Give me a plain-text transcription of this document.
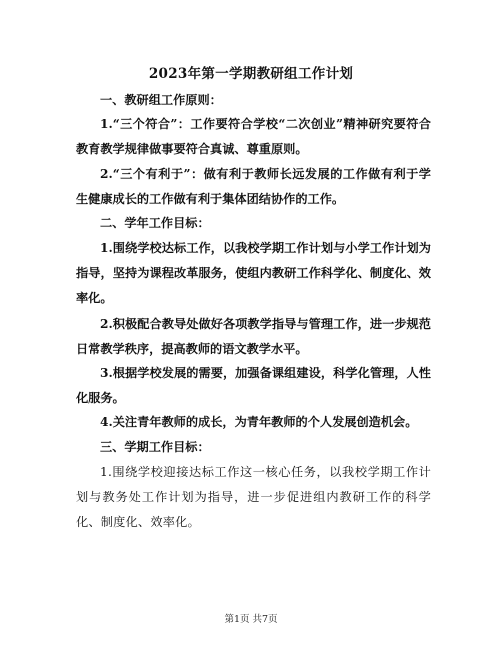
2023年第一学期教研组工作计划
一、教研组工作原则：
1.“三个符合”：工作要符合学校“二次创业”精神研究要符合教育教学规律做事要符合真诚、尊重原则。
2.“三个有利于”：做有利于教师长远发展的工作做有利于学生健康成长的工作做有利于集体团结协作的工作。
二、学年工作目标：
1.围绕学校达标工作，以我校学期工作计划与小学工作计划为指导，坚持为课程改革服务，使组内教研工作科学化、制度化、效率化。
2.积极配合教导处做好各项教学指导与管理工作，进一步规范日常教学秩序，提高教师的语文教学水平。
3.根据学校发展的需要，加强备课组建设，科学化管理，人性化服务。
4.关注青年教师的成长，为青年教师的个人发展创造机会。
三、学期工作目标：
1.围绕学校迎接达标工作这一核心任务，以我校学期工作计划与教务处工作计划为指导，进一步促进组内教研工作的科学化、制度化、效率化。
第1页 共7页
